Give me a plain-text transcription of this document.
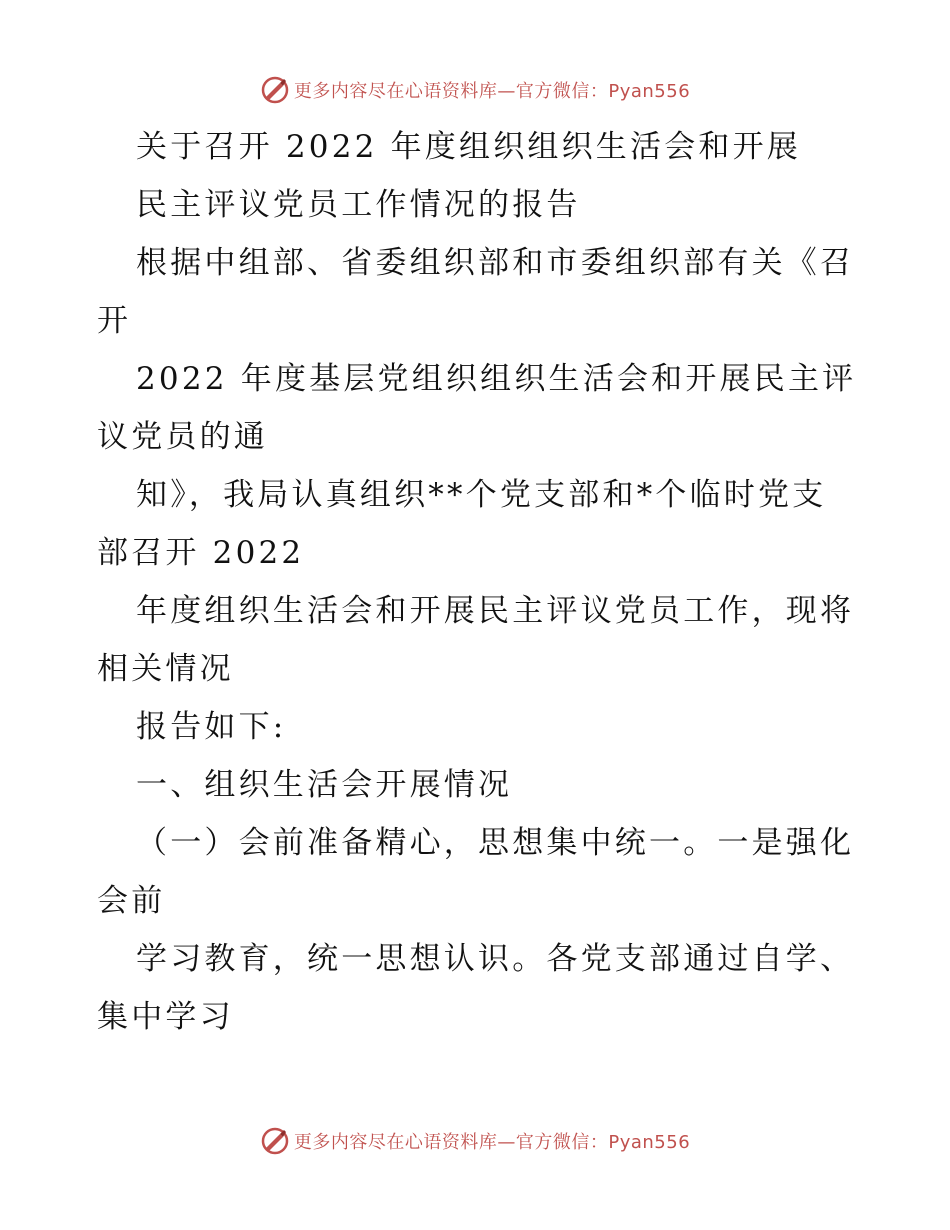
更多内容尽在心语资料库—官方微信：Pyan556
关于召开 2022 年度组织组织生活会和开展
民主评议党员工作情况的报告
根据中组部、省委组织部和市委组织部有关《召
开
2022 年度基层党组织组织生活会和开展民主评
议党员的通
知》，我局认真组织**个党支部和*个临时党支
部召开 2022
年度组织生活会和开展民主评议党员工作，现将
相关情况
报告如下:
一、组织生活会开展情况
（一）会前准备精心，思想集中统一。一是强化
会前
学习教育，统一思想认识。各党支部通过自学、
集中学习
更多内容尽在心语资料库—官方微信：Pyan556
